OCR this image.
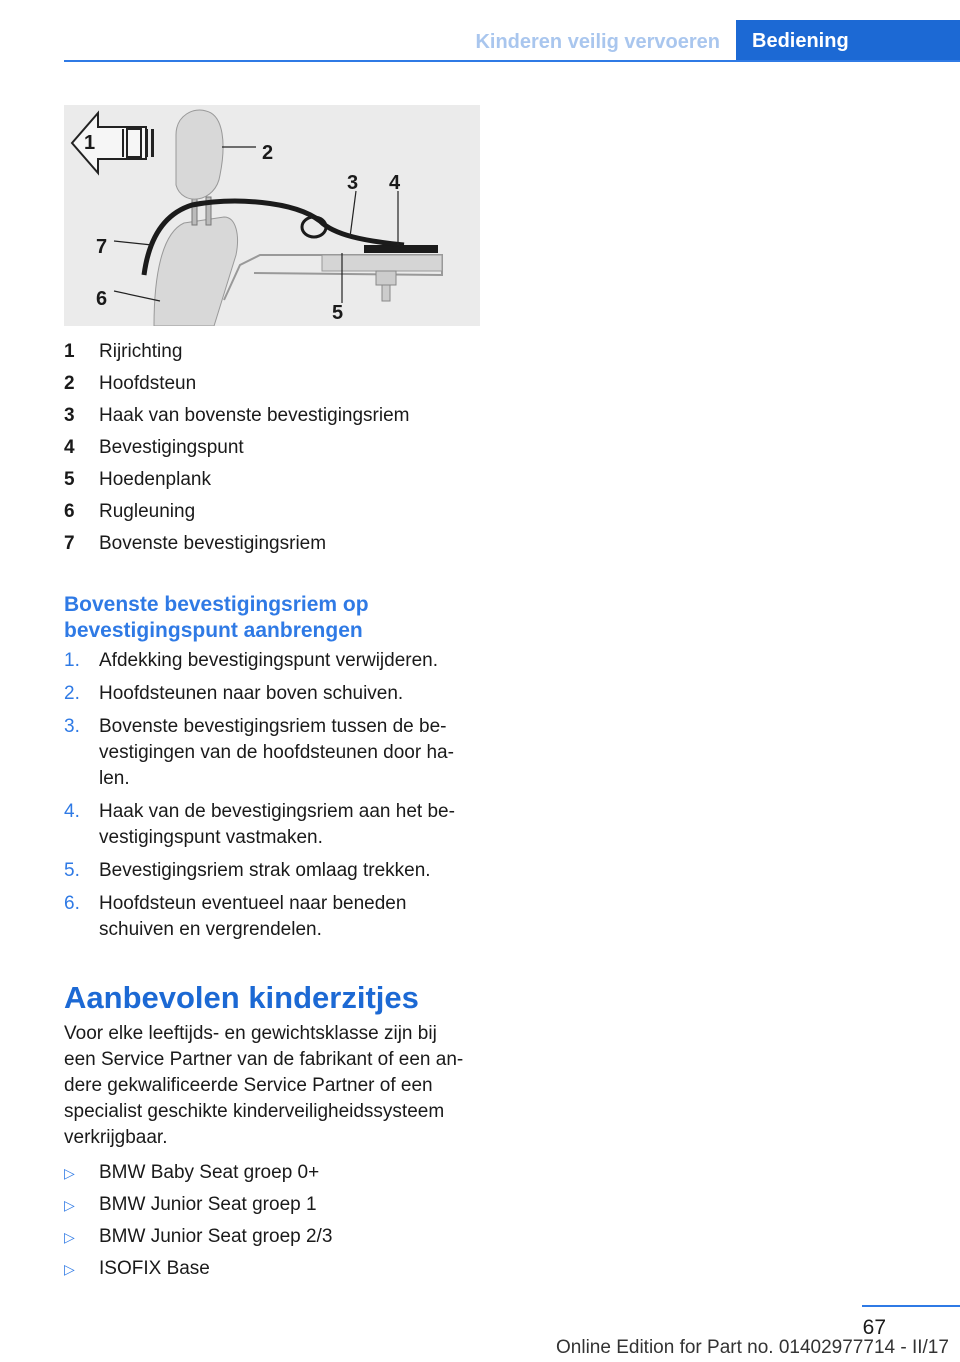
Kinderen veilig vervoeren	Bediening
1	2
3 4
5
6
7
1	Rijrichting
2	Hoofdsteun
3	Haak van bovenste bevestigingsriem
4	Bevestigingspunt
5	Hoedenplank
6	Rugleuning
7	Bovenste bevestigingsriem
Bovenste bevestigingsriem op
bevestigingspunt aanbrengen
1.	Afdekking bevestigingspunt verwijderen.
2.	Hoofdsteunen naar boven schuiven.
3.	Bovenste bevestigingsriem tussen de be-
vestigingen van de hoofdsteunen door ha-
len.
4.	Haak van de bevestigingsriem aan het be-
vestigingspunt vastmaken.
5.	Bevestigingsriem strak omlaag trekken.
6.	Hoofdsteun eventueel naar beneden
schuiven en vergrendelen.
Aanbevolen kinderzitjes
Voor elke leeftijds- en gewichtsklasse zijn bij
een Service Partner van de fabrikant of een an-
dere gekwalificeerde Service Partner of een
specialist geschikte kinderveiligheidssysteem
verkrijgbaar.
▷	BMW Baby Seat groep 0+
▷	BMW Junior Seat groep 1
▷	BMW Junior Seat groep 2/3
▷	ISOFIX Base
67
Online Edition for Part no. 01402977714 - II/17
